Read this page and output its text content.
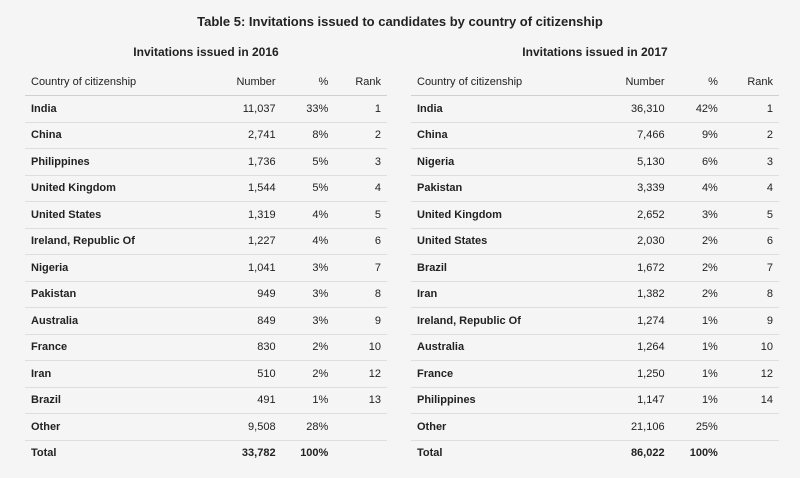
Table 5: Invitations issued to candidates by country of citizenship
Invitations issued in 2016
Country of citizenship	Number	%	Rank
India	11,037	33%	1
China	2,741	8%	2
Philippines	1,736	5%	3
United Kingdom	1,544	5%	4
United States	1,319	4%	5
Ireland, Republic Of	1,227	4%	6
Nigeria	1,041	3%	7
Pakistan	949	3%	8
Australia	849	3%	9
France	830	2%	10
Iran	510	2%	12
Brazil	491	1%	13
Other	9,508	28%	
Total	33,782	100%	
Invitations issued in 2017
Country of citizenship	Number	%	Rank
India	36,310	42%	1
China	7,466	9%	2
Nigeria	5,130	6%	3
Pakistan	3,339	4%	4
United Kingdom	2,652	3%	5
United States	2,030	2%	6
Brazil	1,672	2%	7
Iran	1,382	2%	8
Ireland, Republic Of	1,274	1%	9
Australia	1,264	1%	10
France	1,250	1%	12
Philippines	1,147	1%	14
Other	21,106	25%	
Total	86,022	100%	
